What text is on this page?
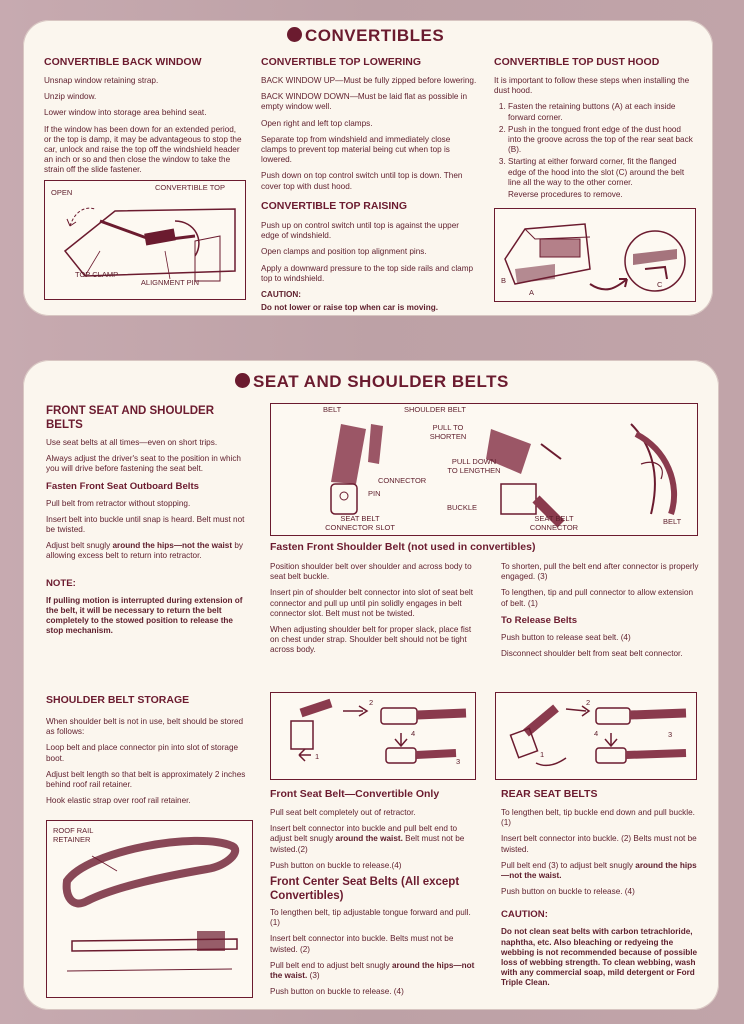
CONVERTIBLES
CONVERTIBLE BACK WINDOW

Unsnap window retaining strap.

Unzip window.

Lower window into storage area behind seat.

If the window has been down for an extended period, or the top is damp, it may be advantageous to stop the car, unlock and raise the top off the windshield header an inch or so and then close the window to take the strain off the slide fastener.

OPEN
CONVERTIBLE TOP
TOP CLAMP
ALIGNMENT PIN
CONVERTIBLE TOP LOWERING

BACK WINDOW UP—Must be fully zipped before lowering.

BACK WINDOW DOWN—Must be laid flat as possible in empty window well.

Open right and left top clamps.

Separate top from windshield and immediately close clamps to prevent top material being cut when top is lowered.

Push down on top control switch until top is down. Then cover top with dust hood.

CONVERTIBLE TOP RAISING

Push up on control switch until top is against the upper edge of windshield.

Open clamps and position top alignment pins.

Apply a downward pressure to the top side rails and clamp top to windshield.

CAUTION:

Do not lower or raise top when car is moving.

CONVERTIBLE TOP DUST HOOD

It is important to follow these steps when installing the dust hood.

1. Fasten the retaining buttons (A) at each inside forward corner.
2. Push in the tongued front edge of the dust hood into the groove across the top of the rear seat back (B).
3. Starting at either forward corner, fit the flanged edge of the hood into the slot (C) around the belt line all the way to the other corner.

Reverse procedures to remove.

B
A
C
SEAT AND SHOULDER BELTS
FRONT SEAT AND SHOULDER BELTS

Use seat belts at all times—even on short trips.

Always adjust the driver's seat to the position in which you will drive before fastening the seat belt.

Fasten Front Seat Outboard Belts

Pull belt from retractor without stopping.

Insert belt into buckle until snap is heard. Belt must not be twisted.

Adjust belt snugly around the hips—not the waist by allowing excess belt to return into retractor.

NOTE:

If pulling motion is interrupted during extension of the belt, it will be necessary to return the belt completely to the stowed position to release the stop mechanism.

SHOULDER BELT STORAGE

When shoulder belt is not in use, belt should be stored as follows:

Loop belt and place connector pin into slot of storage boot.

Adjust belt length so that belt is approximately 2 inches behind roof rail retainer.

Hook elastic strap over roof rail retainer.

ROOF RAIL RETAINER
BELT	SHOULDER BELT
PULL TO SHORTEN
PULL DOWN TO LENGTHEN
CONNECTOR
PIN
BUCKLE
SEAT BELT CONNECTOR SLOT
SEAT BELT CONNECTOR
BELT
Fasten Front Shoulder Belt (not used in convertibles)

Position shoulder belt over shoulder and across body to seat belt buckle.

Insert pin of shoulder belt connector into slot of seat belt connector and pull up until pin solidly engages in belt connector slot. Belt must not be twisted.

When adjusting shoulder belt for proper slack, place fist on chest under strap. Shoulder belt should not be tight across body.

To shorten, pull the belt end after connector is properly engaged. (3)

To lengthen, tip and pull connector to allow extension of belt. (1)

To Release Belts

Push button to release seat belt. (4)

Disconnect shoulder belt from seat belt connector.

2
1
4
3
Front Seat Belt—Convertible Only

Pull seat belt completely out of retractor.

Insert belt connector into buckle and pull belt end to adjust belt snugly around the waist. Belt must not be twisted.(2)

Push button on buckle to release.(4)

Front Center Seat Belts (All except Convertibles)

To lengthen belt, tip adjustable tongue forward and pull.(1)

Insert belt connector into buckle. Belts must not be twisted. (2)

Pull belt end to adjust belt snugly around the hips—not the waist. (3)

Push button on buckle to release. (4)

2
1
4	3
REAR SEAT BELTS

To lengthen belt, tip buckle end down and pull buckle. (1)

Insert belt connector into buckle. (2) Belts must not be twisted.

Pull belt end (3) to adjust belt snugly around the hips—not the waist.

Push button on buckle to release. (4)

CAUTION:

Do not clean seat belts with carbon tetrachloride, naphtha, etc. Also bleaching or redyeing the webbing is not recommended because of possible loss of webbing strength. To clean webbing, wash with any commercial soap, mild detergent or Ford Triple Clean.
